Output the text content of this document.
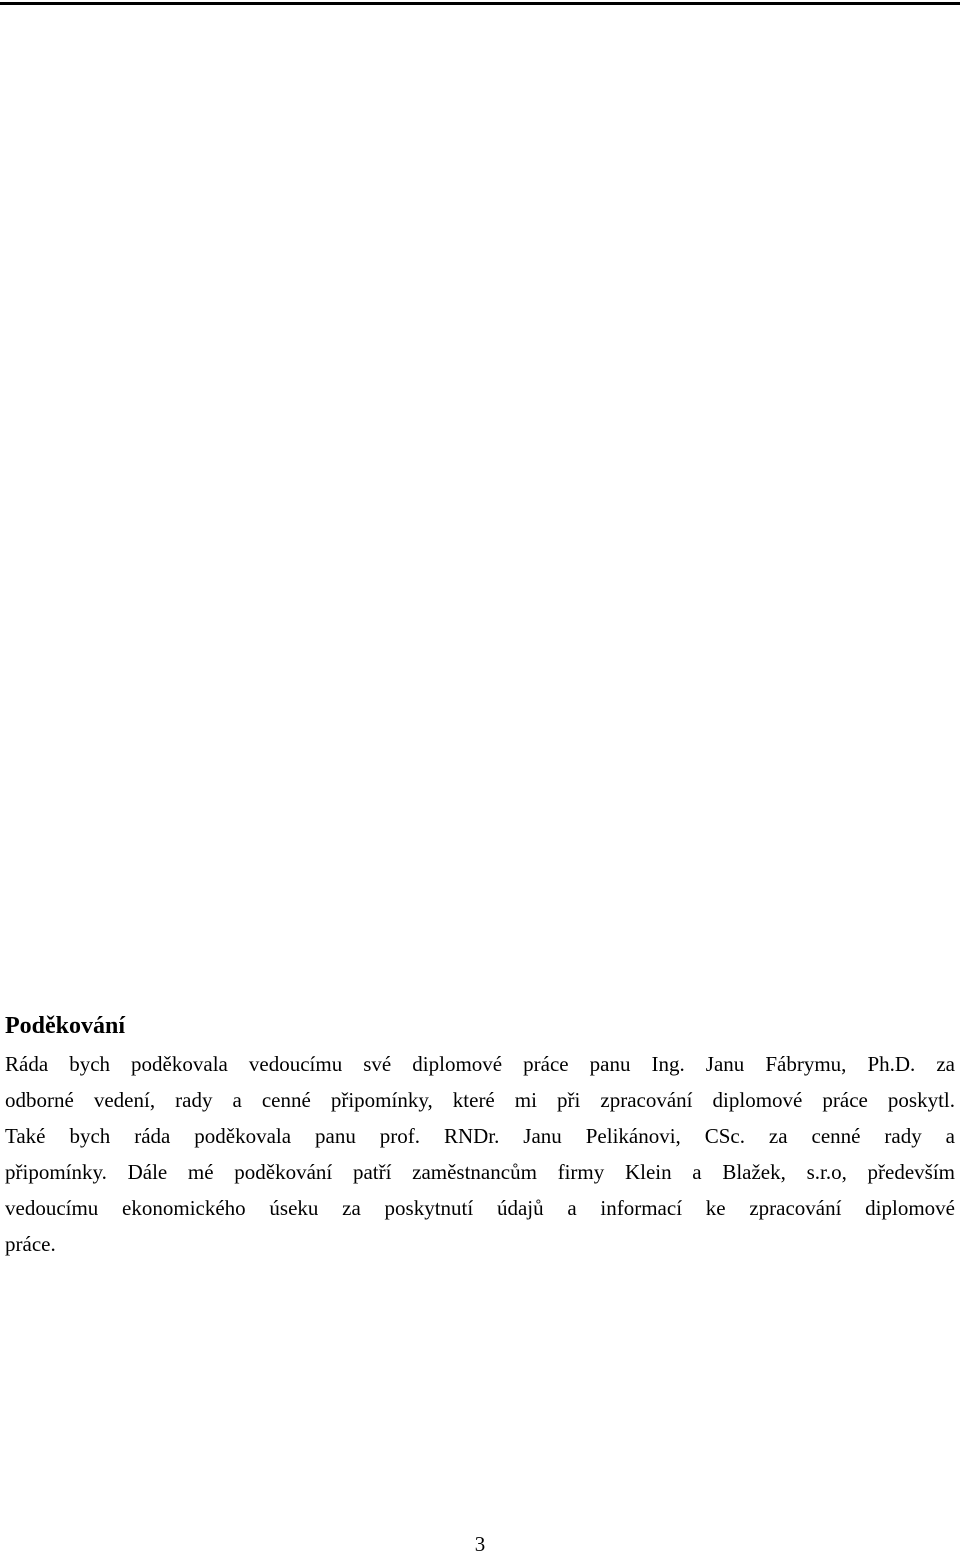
Poděkování

Ráda bych poděkovala vedoucímu své diplomové práce panu Ing. Janu Fábrymu, Ph.D. za
odborné vedení, rady a cenné připomínky, které mi při zpracování diplomové práce poskytl.
Také bych ráda poděkovala panu prof. RNDr. Janu Pelikánovi, CSc. za cenné rady a
připomínky. Dále mé poděkování patří zaměstnancům firmy Klein a Blažek, s.r.o, především
vedoucímu ekonomického úseku za poskytnutí údajů a informací ke zpracování diplomové
práce.

3
